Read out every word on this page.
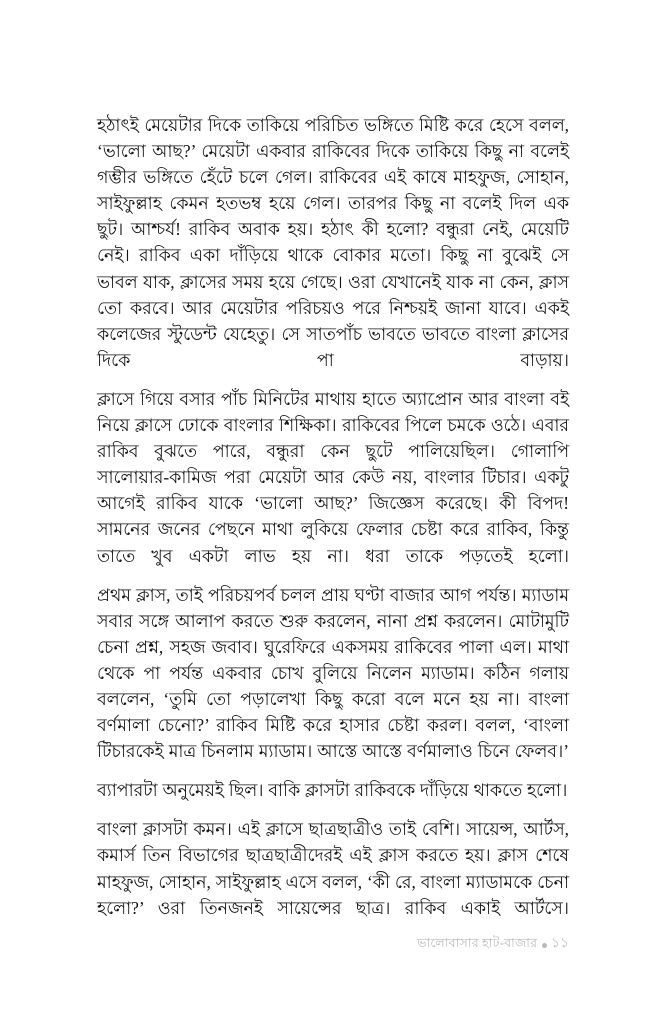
হঠাৎই মেয়েটার দিকে তাকিয়ে পরিচিত ভঙ্গিতে মিষ্টি করে হেসে বলল, ‘ভালো আছ?’ মেয়েটা একবার রাকিবের দিকে তাকিয়ে কিছু না বলেই গম্ভীর ভঙ্গিতে হেঁটে চলে গেল। রাকিবের এই কাষে মাহফুজ, সোহান, সাইফুল্লাহ কেমন হতভম্ব হয়ে গেল। তারপর কিছু না বলেই দিল এক ছুট। আশ্চর্য! রাকিব অবাক হয়। হঠাৎ কী হলো? বন্ধুরা নেই, মেয়েটি নেই। রাকিব একা দাঁড়িয়ে থাকে বোকার মতো। কিছু না বুঝেই সে ভাবল যাক, ক্লাসের সময় হয়ে গেছে। ওরা যেখানেই যাক না কেন, ক্লাস তো করবে। আর মেয়েটার পরিচয়ও পরে নিশ্চয়ই জানা যাবে। একই কলেজের স্টুডেন্ট যেহেতু। সে সাতপাঁচ ভাবতে ভাবতে বাংলা ক্লাসের দিকে পা বাড়ায়।

ক্লাসে গিয়ে বসার পাঁচ মিনিটের মাথায় হাতে অ্যাপ্রোন আর বাংলা বই নিয়ে ক্লাসে ঢোকে বাংলার শিক্ষিকা। রাকিবের পিলে চমকে ওঠে। এবার রাকিব বুঝতে পারে, বন্ধুরা কেন ছুটে পালিয়েছিল। গোলাপি সালোয়ার-কামিজ পরা মেয়েটা আর কেউ নয়, বাংলার টিচার। একটু আগেই রাকিব যাকে ‘ভালো আছ?’ জিজ্ঞেস করেছে। কী বিপদ! সামনের জনের পেছনে মাথা লুকিয়ে ফেলার চেষ্টা করে রাকিব, কিন্তু তাতে খুব একটা লাভ হয় না। ধরা তাকে পড়তেই হলো।

প্রথম ক্লাস, তাই পরিচয়পর্ব চলল প্রায় ঘণ্টা বাজার আগ পর্যন্ত। ম্যাডাম সবার সঙ্গে আলাপ করতে শুরু করলেন, নানা প্রশ্ন করলেন। মোটামুটি চেনা প্রশ্ন, সহজ জবাব। ঘুরেফিরে একসময় রাকিবের পালা এল। মাথা থেকে পা পর্যন্ত একবার চোখ বুলিয়ে নিলেন ম্যাডাম। কঠিন গলায় বললেন, ‘তুমি তো পড়ালেখা কিছু করো বলে মনে হয় না। বাংলা বর্ণমালা চেনো?’ রাকিব মিষ্টি করে হাসার চেষ্টা করল। বলল, ‘বাংলা টিচারকেই মাত্র চিনলাম ম্যাডাম। আস্তে আস্তে বর্ণমালাও চিনে ফেলব।’

ব্যাপারটা অনুমেয়ই ছিল। বাকি ক্লাসটা রাকিবকে দাঁড়িয়ে থাকতে হলো।

বাংলা ক্লাসটা কমন। এই ক্লাসে ছাত্রছাত্রীও তাই বেশি। সায়েন্স, আর্টস, কমার্স তিন বিভাগের ছাত্রছাত্রীদেরই এই ক্লাস করতে হয়। ক্লাস শেষে মাহফুজ, সোহান, সাইফুল্লাহ এসে বলল, ‘কী রে, বাংলা ম্যাডামকে চেনা হলো?’ ওরা তিনজনই সায়েন্সের ছাত্র। রাকিব একাই আর্টসে।

ভালোবাসার হাট-বাজার ১১
